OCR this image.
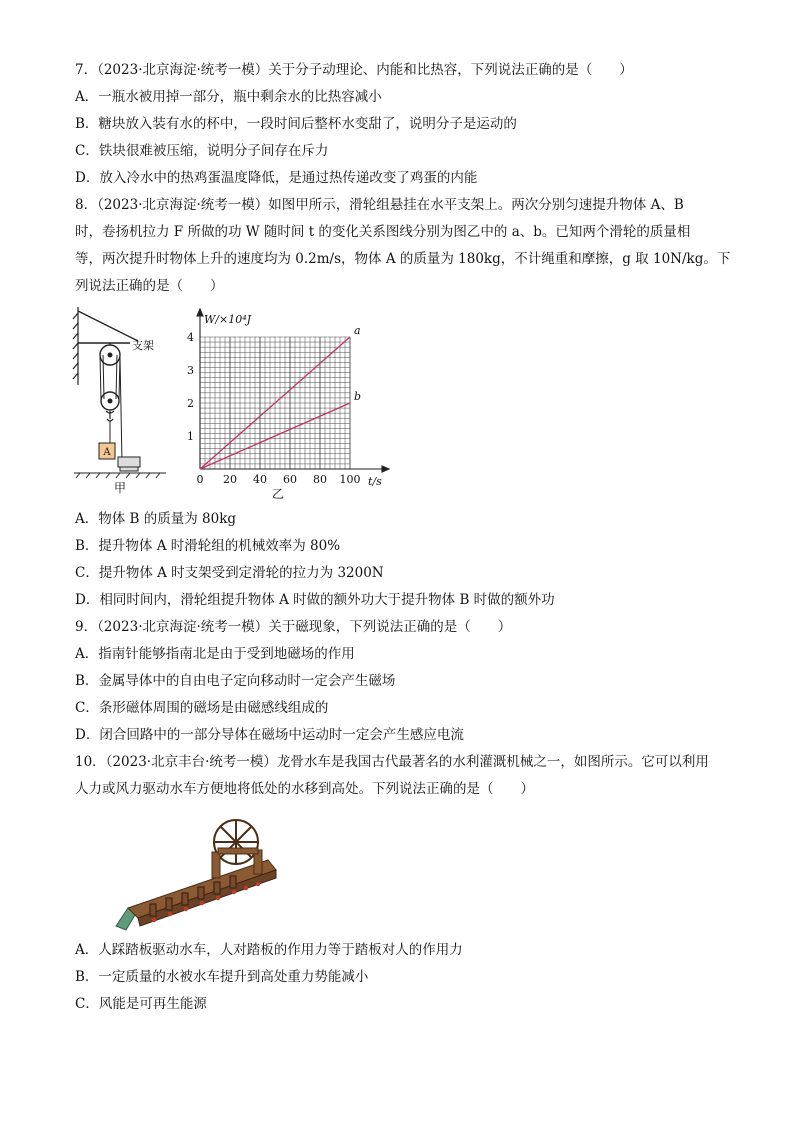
7．（2023·北京海淀·统考一模）关于分子动理论、内能和比热容，下列说法正确的是（　　）
A．一瓶水被用掉一部分，瓶中剩余水的比热容减小
B．糖块放入装有水的杯中，一段时间后整杯水变甜了，说明分子是运动的
C．铁块很难被压缩，说明分子间存在斥力
D．放入冷水中的热鸡蛋温度降低，是通过热传递改变了鸡蛋的内能
8．（2023·北京海淀·统考一模）如图甲所示，滑轮组悬挂在水平支架上。两次分别匀速提升物体 A、B
时，卷扬机拉力 F 所做的功 W 随时间 t 的变化关系图线分别为图乙中的 a、b。已知两个滑轮的质量相
等，两次提升时物体上升的速度均为 0.2m/s，物体 A 的质量为 180kg，不计绳重和摩擦，g 取 10N/kg。下
列说法正确的是（　　）
A
支架
甲
a
b
0 20 40 60 80 100
1
2
3
4
W/×10⁴J
t/s
乙
A．物体 B 的质量为 80kg
B．提升物体 A 时滑轮组的机械效率为 80%
C．提升物体 A 时支架受到定滑轮的拉力为 3200N
D．相同时间内，滑轮组提升物体 A 时做的额外功大于提升物体 B 时做的额外功
9．（2023·北京海淀·统考一模）关于磁现象，下列说法正确的是（　　）
A．指南针能够指南北是由于受到地磁场的作用
B．金属导体中的自由电子定向移动时一定会产生磁场
C．条形磁体周围的磁场是由磁感线组成的
D．闭合回路中的一部分导体在磁场中运动时一定会产生感应电流
10．（2023·北京丰台·统考一模）龙骨水车是我国古代最著名的水利灌溉机械之一，如图所示。它可以利用
人力或风力驱动水车方便地将低处的水移到高处。下列说法正确的是（　　）
A．人踩踏板驱动水车，人对踏板的作用力等于踏板对人的作用力
B．一定质量的水被水车提升到高处重力势能减小
C．风能是可再生能源
